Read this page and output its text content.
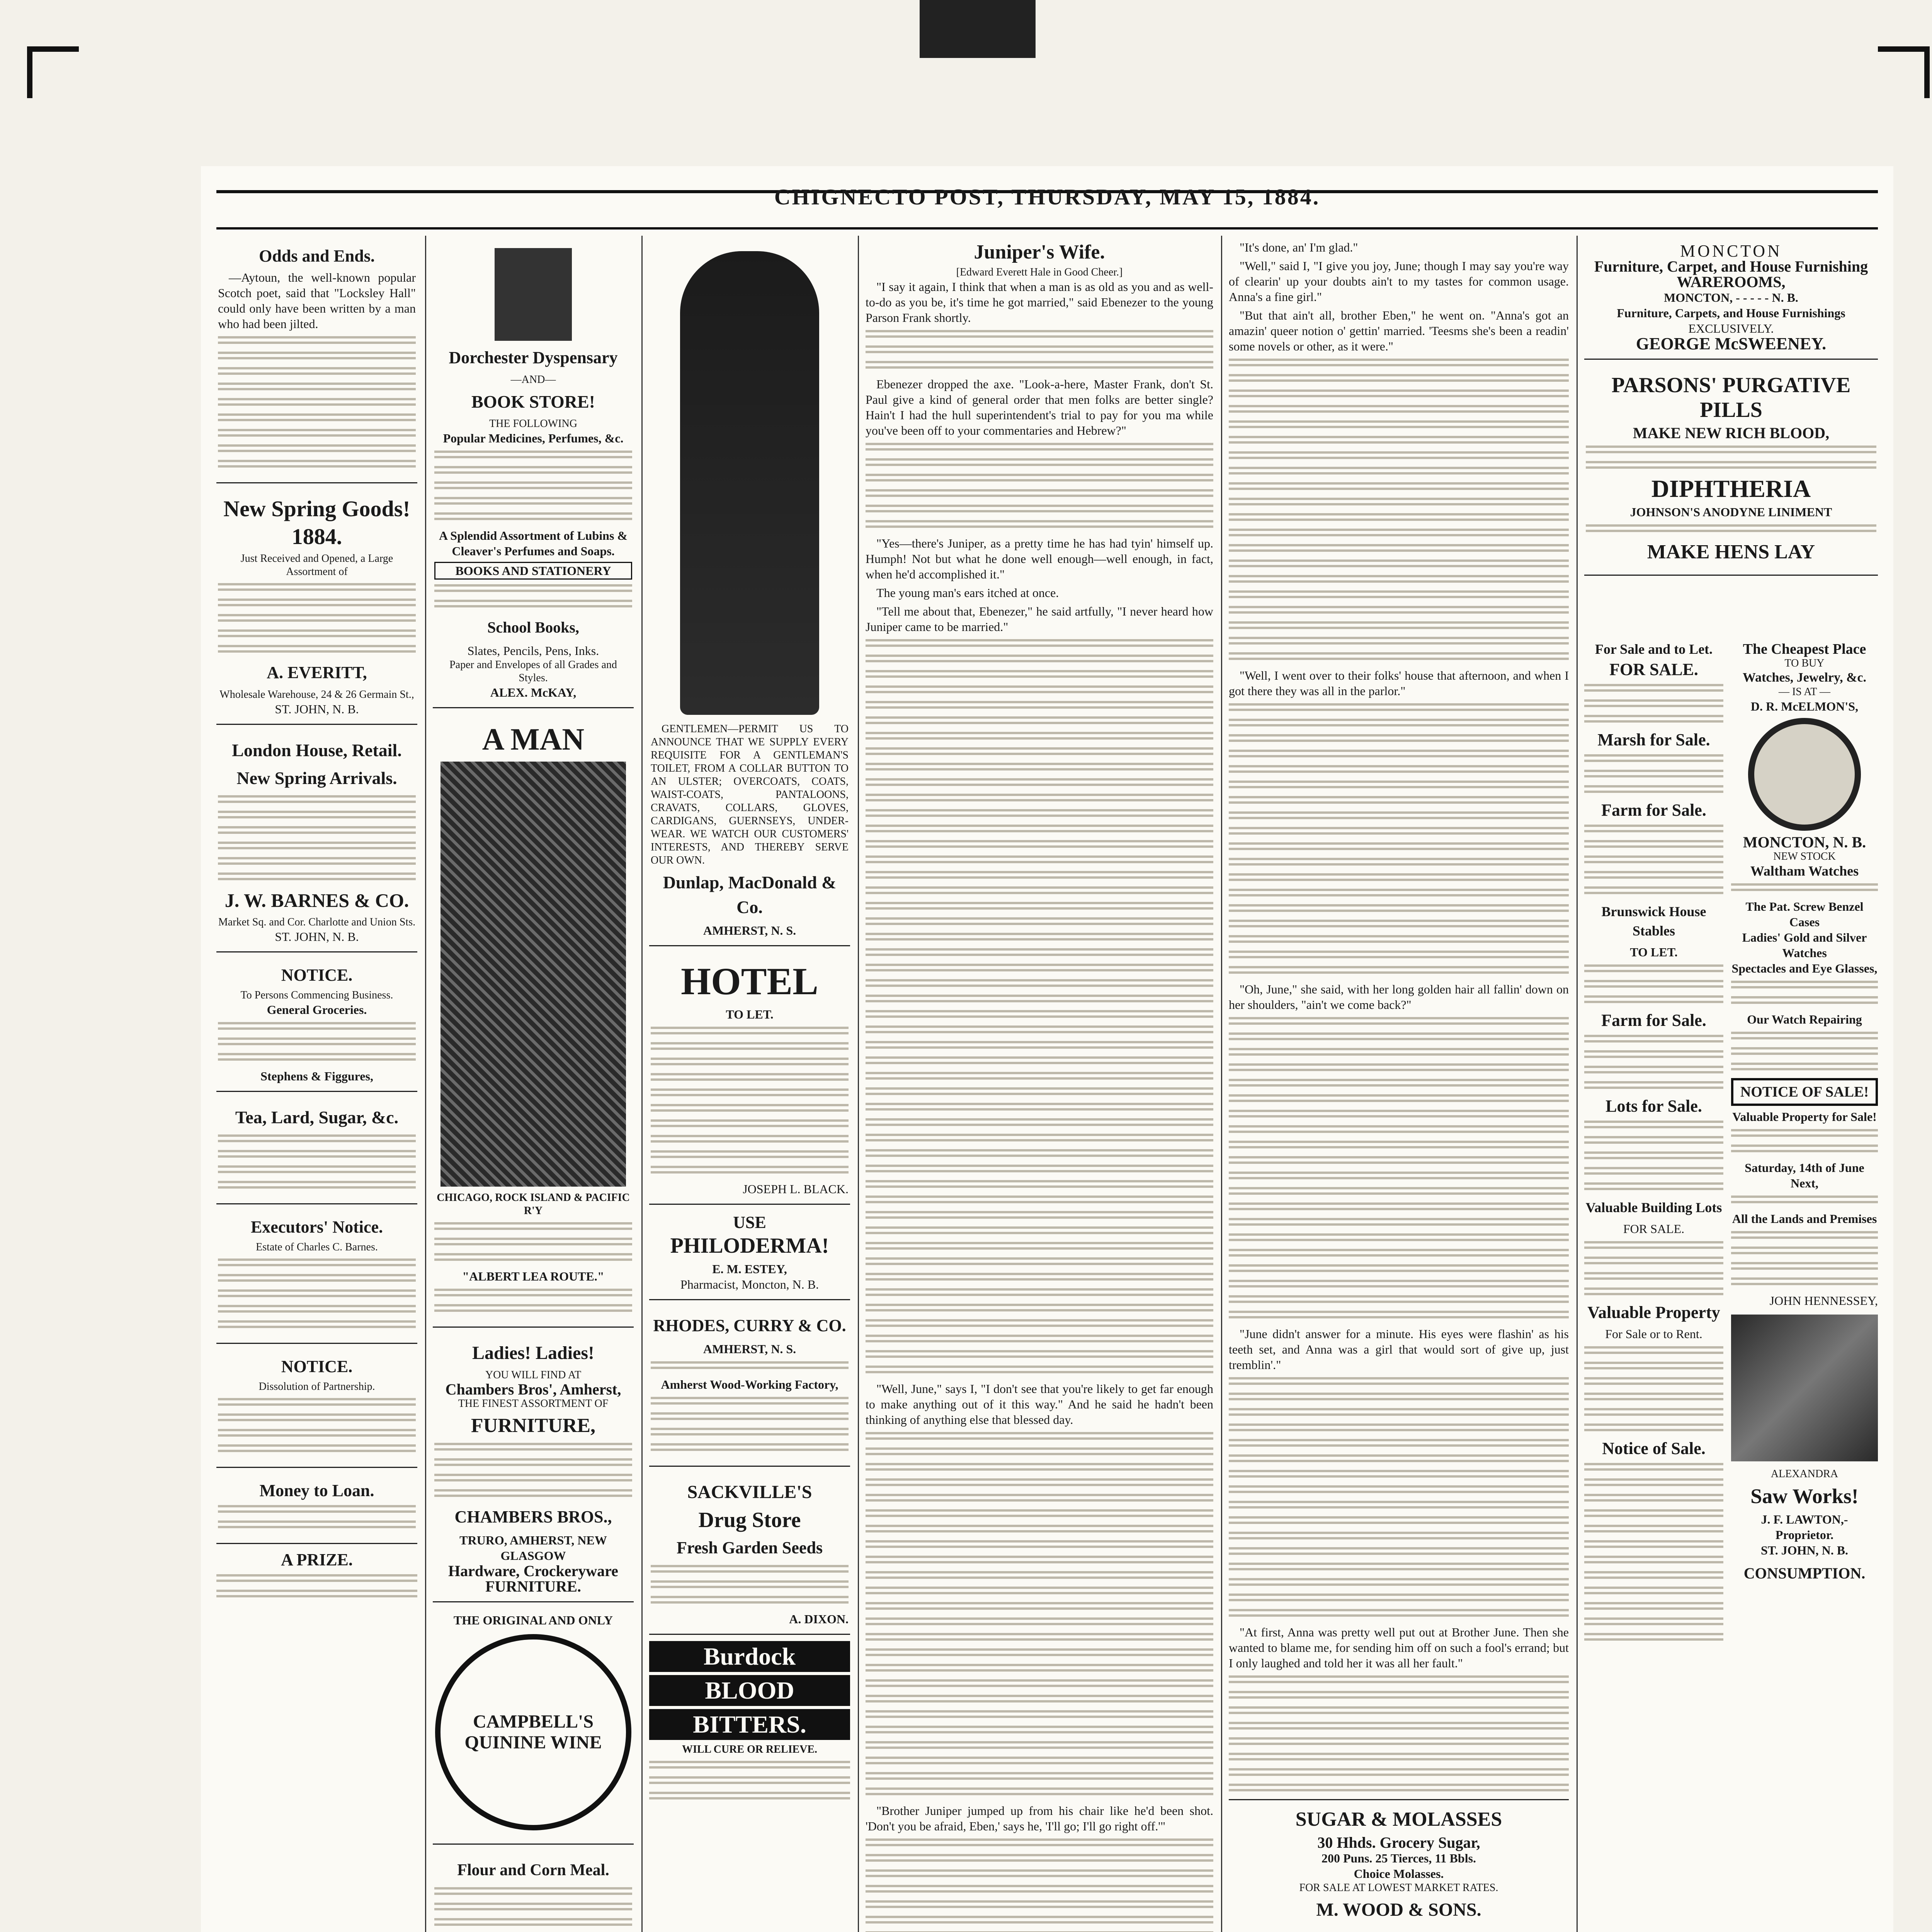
CHIGNECTO POST, THURSDAY, MAY 15, 1884.
Odds and Ends.

—Aytoun, the well-known popular Scotch poet, said that "Locksley Hall" could only have been written by a man who had been jilted.

New Spring Goods!
1884.
Just Received and Opened, a Large Assortment of
A. EVERITT,
Wholesale Warehouse, 24 & 26 Germain St.,
ST. JOHN, N. B.
London House, Retail.
New Spring Arrivals.
J. W. BARNES & CO.
Market Sq. and Cor. Charlotte and Union Sts.
ST. JOHN, N. B.
NOTICE.
To Persons Commencing Business.
General Groceries.
Stephens & Figgures,
Tea, Lard, Sugar, &c.
Executors' Notice.
Estate of Charles C. Barnes.
NOTICE.
Dissolution of Partnership.
Money to Loan.
A PRIZE.
Dorchester Dyspensary
—AND—
BOOK STORE!
THE FOLLOWING
Popular Medicines, Perfumes, &c.
A Splendid Assortment of Lubins & Cleaver's Perfumes and Soaps.
BOOKS AND STATIONERY
School Books,
Slates, Pencils, Pens, Inks.
Paper and Envelopes of all Grades and Styles.
ALEX. McKAY,
A MAN
CHICAGO, ROCK ISLAND & PACIFIC R'Y
"ALBERT LEA ROUTE."
Ladies! Ladies!
YOU WILL FIND AT
Chambers Bros', Amherst,
THE FINEST ASSORTMENT OF
FURNITURE,
CHAMBERS BROS.,
TRURO, AMHERST, NEW GLASGOW
Hardware, Crockeryware
FURNITURE.
THE ORIGINAL AND ONLY
CAMPBELL'S QUININE WINE
Flour and Corn Meal.

GENTLEMEN—PERMIT US TO ANNOUNCE THAT WE SUPPLY EVERY REQUISITE FOR A GENTLEMAN'S TOILET, FROM A COLLAR BUTTON TO AN ULSTER; OVERCOATS, COATS, WAIST-COATS, PANTALOONS, CRAVATS, COLLARS, GLOVES, CARDIGANS, GUERNSEYS, UNDER-WEAR. WE WATCH OUR CUSTOMERS' INTERESTS, AND THEREBY SERVE OUR OWN.

Dunlap, MacDonald & Co.
AMHERST, N. S.
HOTEL
TO LET.
JOSEPH L. BLACK.
USE
PHILODERMA!
E. M. ESTEY,
Pharmacist, Moncton, N. B.
RHODES, CURRY & CO.
AMHERST, N. S.
Amherst Wood-Working Factory,
SACKVILLE'S
Drug Store
Fresh Garden Seeds
A. DIXON.
Burdock
BLOOD
BITTERS.
WILL CURE OR RELIEVE.
Juniper's Wife.
[Edward Everett Hale in Good Cheer.]

"I say it again, I think that when a man is as old as you and as well-to-do as you be, it's time he got married," said Ebenezer to the young Parson Frank shortly.

Ebenezer dropped the axe. "Look-a-here, Master Frank, don't St. Paul give a kind of general order that men folks are better single? Hain't I had the hull superintendent's trial to pay for you ma while you've been off to your commentaries and Hebrew?"

"Yes—there's Juniper, as a pretty time he has had tyin' himself up. Humph! Not but what he done well enough—well enough, in fact, when he'd accomplished it."

The young man's ears itched at once.

"Tell me about that, Ebenezer," he said artfully, "I never heard how Juniper came to be married."

"Well, June," says I, "I don't see that you're likely to get far enough to make anything out of it this way." And he said he hadn't been thinking of anything else that blessed day.

"Brother Juniper jumped up from his chair like he'd been shot. 'Don't you be afraid, Eben,' says he, 'I'll go; I'll go right off.'"

"It's done, an' I'm glad."

"Well," said I, "I give you joy, June; though I may say you're way of clearin' up your doubts ain't to my tastes for common usage. Anna's a fine girl."

"But that ain't all, brother Eben," he went on. "Anna's got an amazin' queer notion o' gettin' married. 'Teesms she's been a readin' some novels or other, as it were."

"Well, I went over to their folks' house that afternoon, and when I got there they was all in the parlor."

"Oh, June," she said, with her long golden hair all fallin' down on her shoulders, "ain't we come back?"

"June didn't answer for a minute. His eyes were flashin' as his teeth set, and Anna was a girl that would sort of give up, just tremblin'."

"At first, Anna was pretty well put out at Brother June. Then she wanted to blame me, for sending him off on such a fool's errand; but I only laughed and told her it was all her fault."

SUGAR & MOLASSES
30 Hhds. Grocery Sugar,
200 Puns. 25 Tierces, 11 Bbls.
Choice Molasses.
FOR SALE AT LOWEST MARKET RATES.
M. WOOD & SONS.

MONCTON
Furniture, Carpet, and House Furnishing
WAREROOMS,
MONCTON, - - - - - N. B.
Furniture, Carpets, and House Furnishings
EXCLUSIVELY.
GEORGE McSWEENEY.
PARSONS' PURGATIVE PILLS
MAKE NEW RICH BLOOD,
DIPHTHERIA
JOHNSON'S ANODYNE LINIMENT
MAKE HENS LAY
For Sale and to Let.
FOR SALE.
Marsh for Sale.
Farm for Sale.
Brunswick House Stables
TO LET.
Farm for Sale.
Lots for Sale.
Valuable Building Lots
FOR SALE.
Valuable Property
For Sale or to Rent.
Notice of Sale.
The Cheapest Place
TO BUY
Watches, Jewelry, &c.
— IS AT —
D. R. McELMON'S,
MONCTON, N. B.
NEW STOCK
Waltham Watches
The Pat. Screw Benzel Cases
Ladies' Gold and Silver Watches
Spectacles and Eye Glasses,
Our Watch Repairing
NOTICE OF SALE!
Valuable Property for Sale!
Saturday, 14th of June Next,
All the Lands and Premises
JOHN HENNESSEY,
ALEXANDRA
Saw Works!
J. F. LAWTON,- Proprietor.
ST. JOHN, N. B.
CONSUMPTION.
